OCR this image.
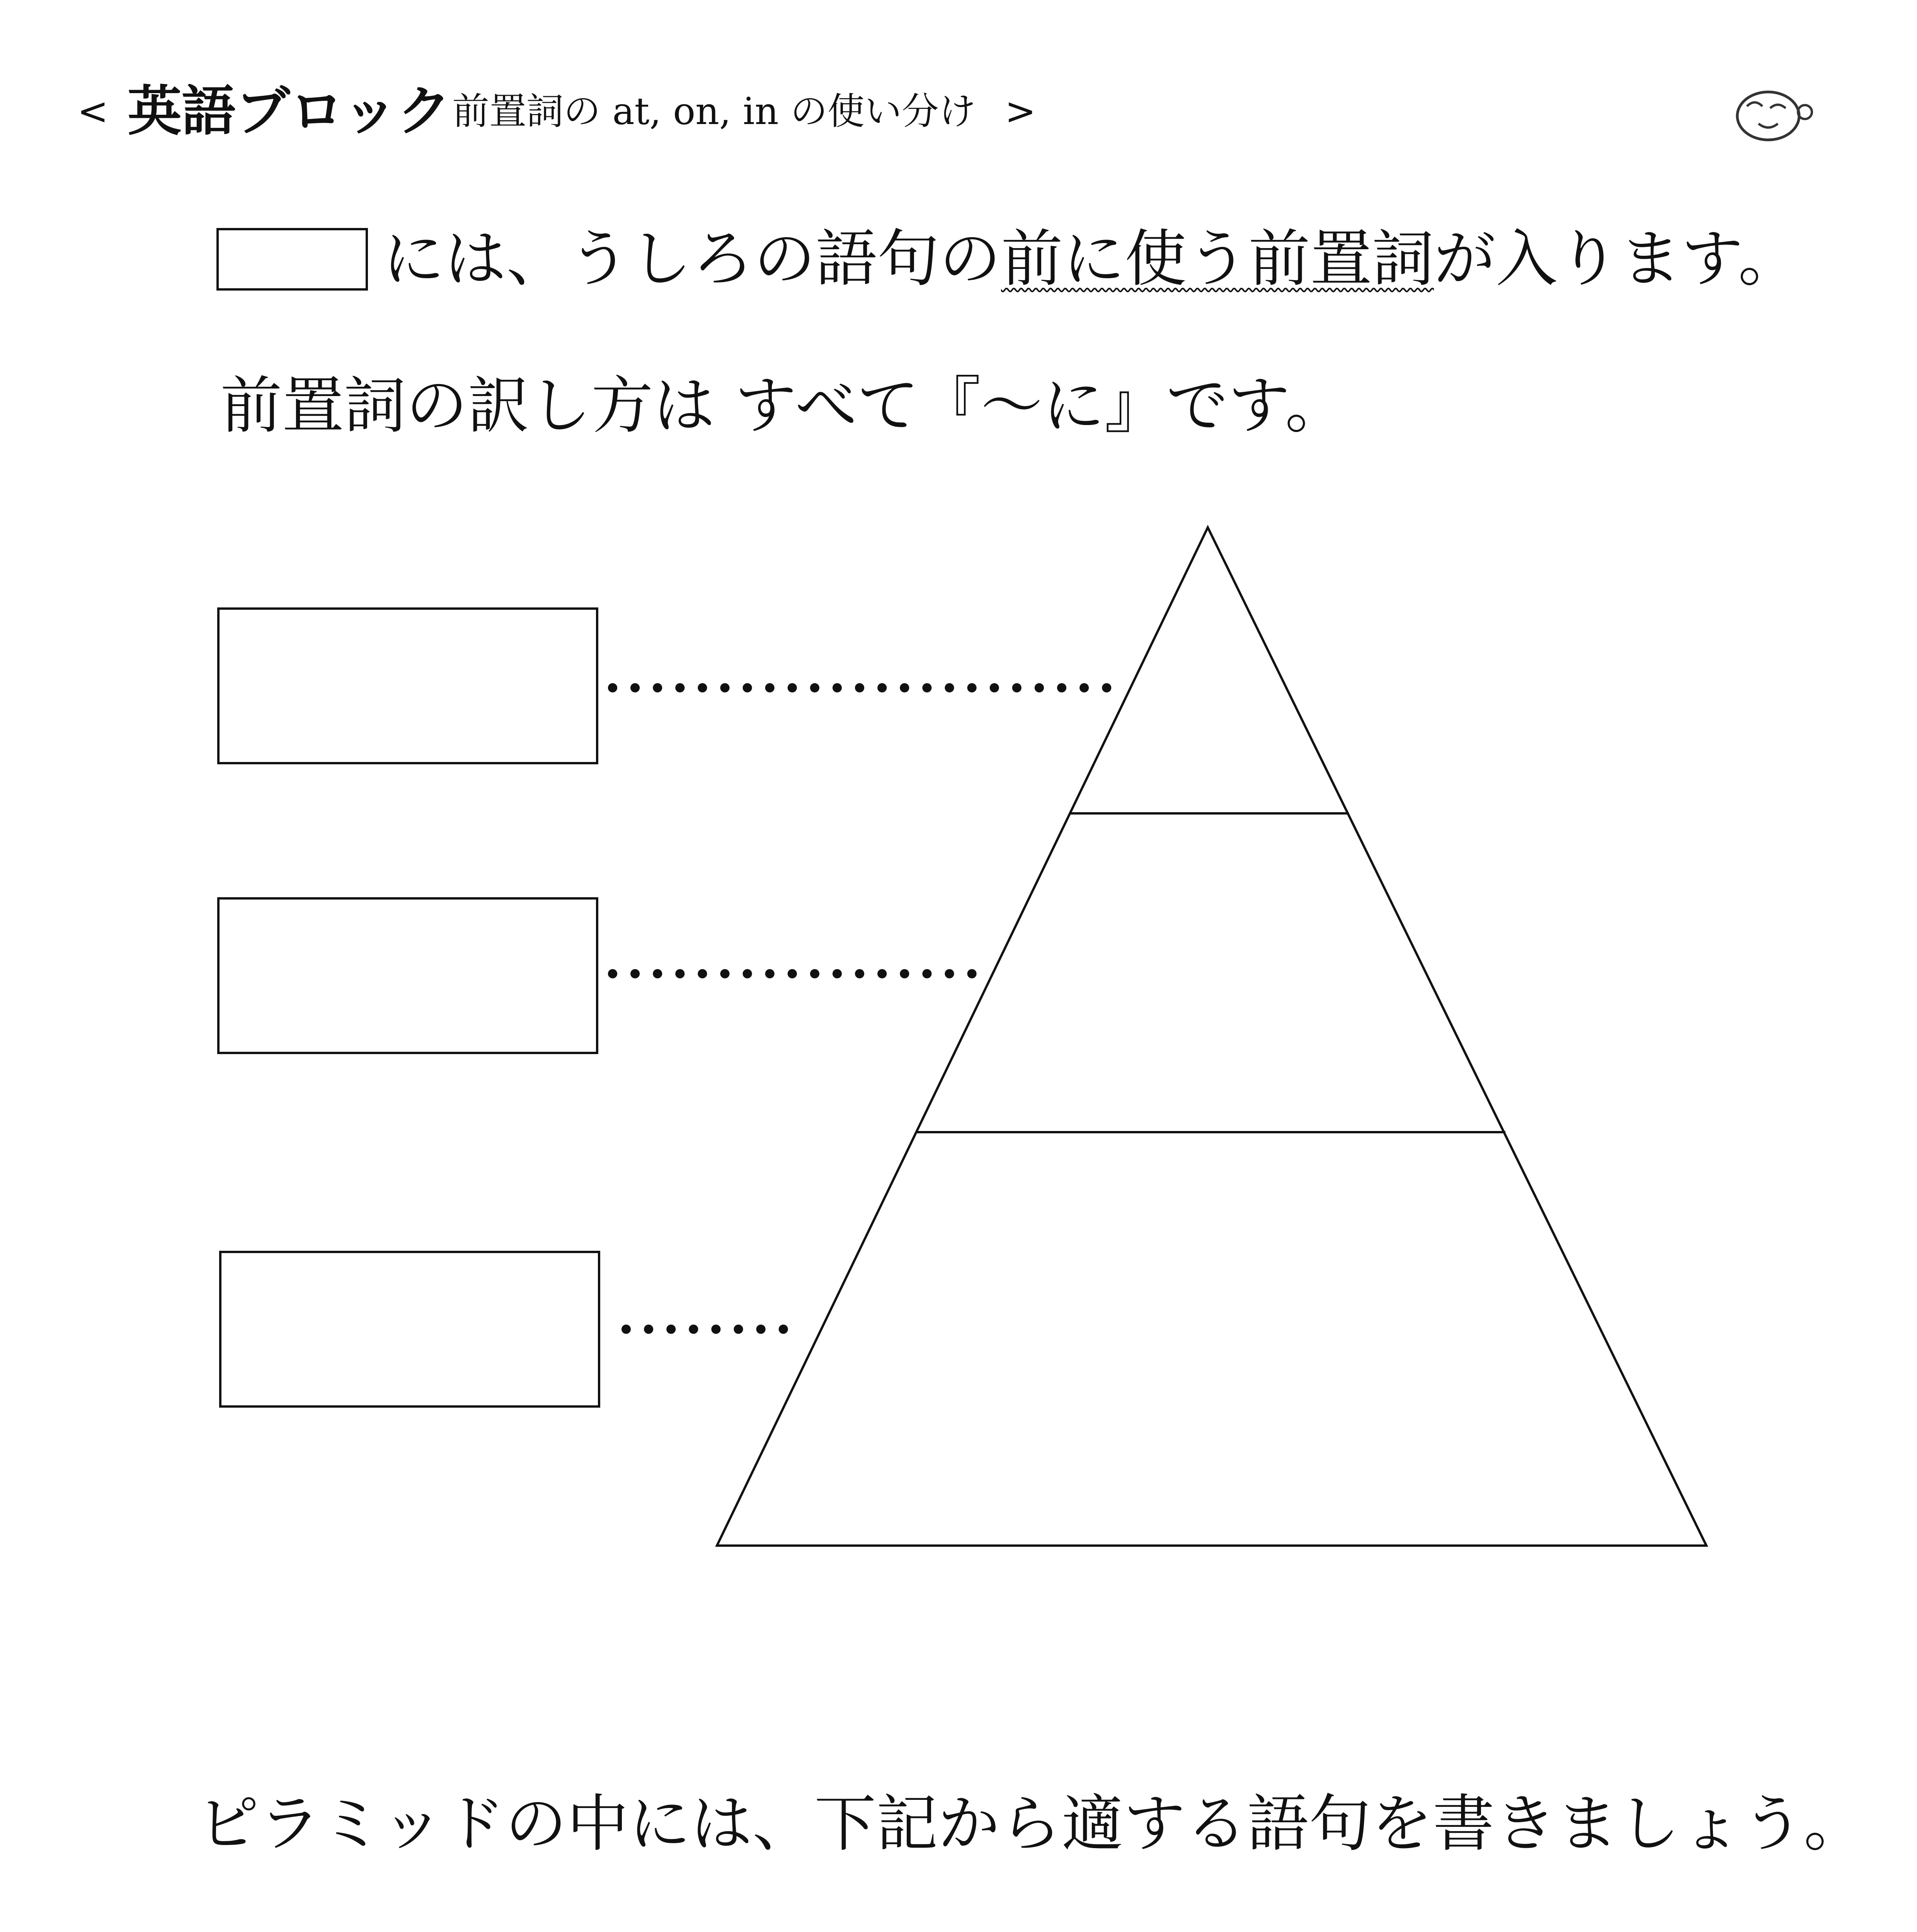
< 英語ブロック 前置詞の at, on, in の使い分け >
には、うしろの語句の前に使う前置詞が入ります。
前置詞の訳し方は すべて『〜に』です。
ピラミッドの中には、下記から適する語句を書きましょう。
